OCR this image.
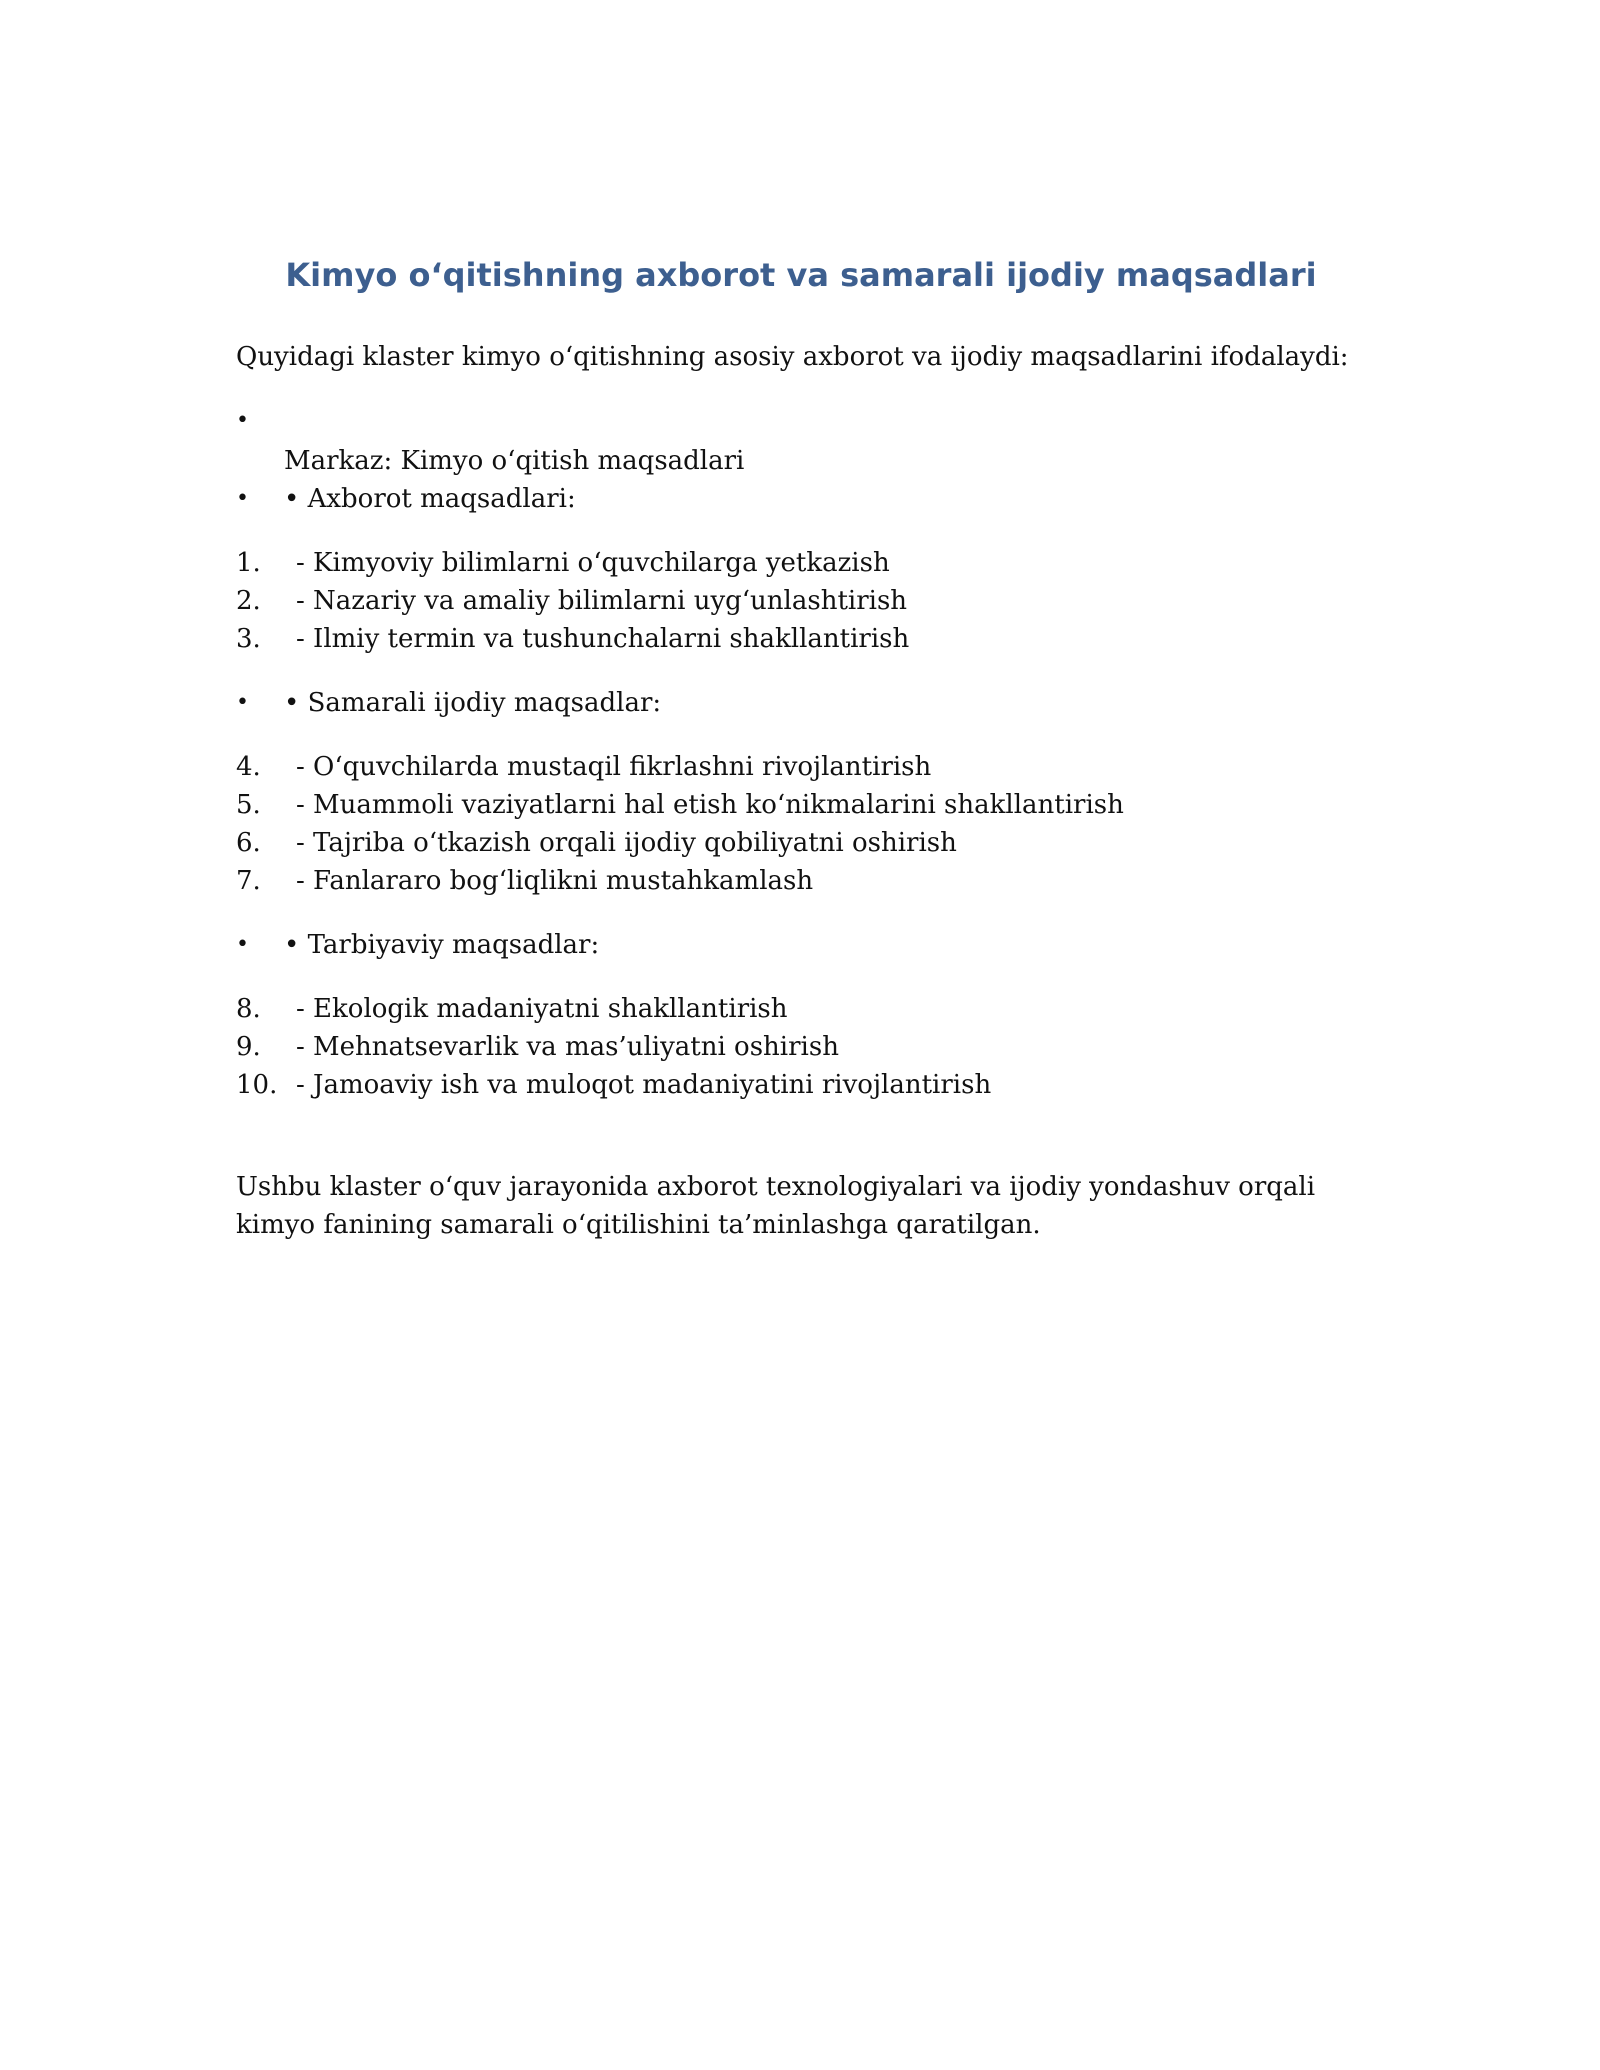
Kimyo oʻqitishning axborot va samarali ijodiy maqsadlari

Quyidagi klaster kimyo oʻqitishning asosiy axborot va ijodiy maqsadlarini ifodalaydi:

•
Markaz: Kimyo oʻqitish maqsadlari
•	• Axborot maqsadlari:
1.	- Kimyoviy bilimlarni oʻquvchilarga yetkazish
2.	- Nazariy va amaliy bilimlarni uygʻunlashtirish
3.	- Ilmiy termin va tushunchalarni shakllantirish
•	• Samarali ijodiy maqsadlar:
4.	- Oʻquvchilarda mustaqil fikrlashni rivojlantirish
5.	- Muammoli vaziyatlarni hal etish koʻnikmalarini shakllantirish
6.	- Tajriba oʻtkazish orqali ijodiy qobiliyatni oshirish
7.	- Fanlararo bogʻliqlikni mustahkamlash
•	• Tarbiyaviy maqsadlar:
8.	- Ekologik madaniyatni shakllantirish
9.	- Mehnatsevarlik va mas’uliyatni oshirish
10. - Jamoaviy ish va muloqot madaniyatini rivojlantirish

Ushbu klaster oʻquv jarayonida axborot texnologiyalari va ijodiy yondashuv orqali kimyo fanining samarali oʻqitilishini ta’minlashga qaratilgan.
